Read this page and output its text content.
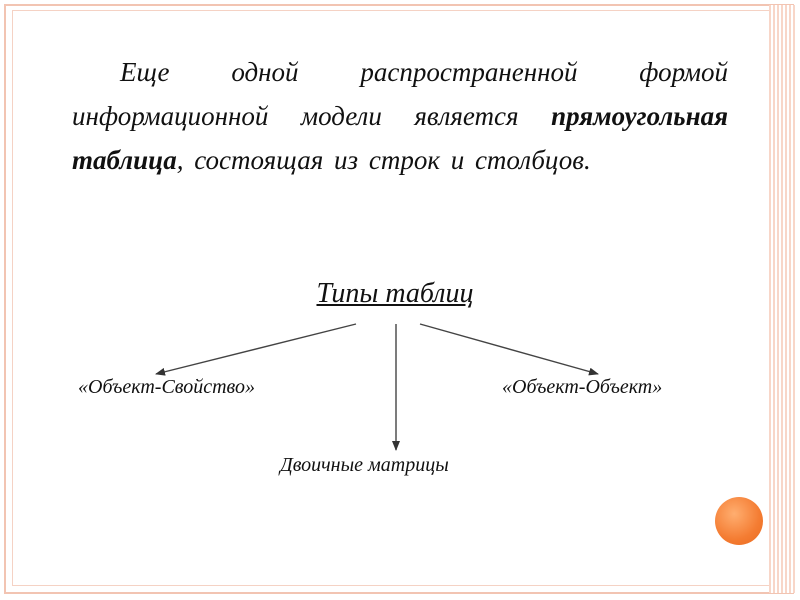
Еще одной распространенной формой информационной модели является прямоугольная таблица, состоящая из строк и столбцов.

Типы таблиц

«Объект-Свойство»	«Объект-Объект»

Двоичные матрицы
